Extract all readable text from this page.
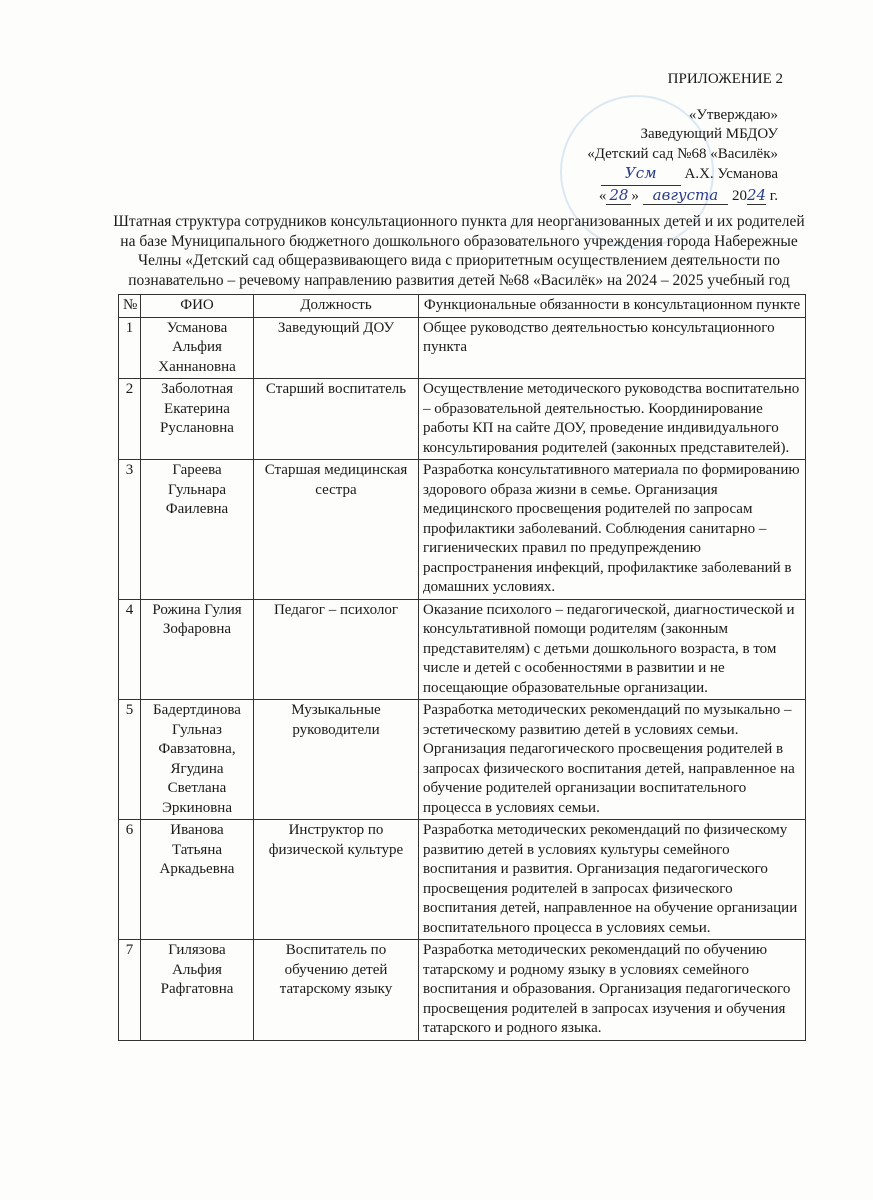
ПРИЛОЖЕНИЕ 2
«Утверждаю»
Заведующий МБДОУ
«Детский сад №68 «Василёк»
Усм А.Х. Усманова
« 28 » августа 2024 г.
Штатная структура сотрудников консультационного пункта для неорганизованных детей и их родителей на базе Муниципального бюджетного дошкольного образовательного учреждения города Набережные Челны «Детский сад общеразвивающего вида с приоритетным осуществлением деятельности по познавательно – речевому направлению развития детей №68 «Василёк» на 2024 – 2025 учебный год
№	ФИО	Должность	Функциональные обязанности в консультационном пункте
1	Усманова Альфия Ханнановна	Заведующий ДОУ	Общее руководство деятельностью консультационного пункта
2	Заболотная Екатерина Руслановна	Старший воспитатель	Осуществление методического руководства воспитательно – образовательной деятельностью. Координирование работы КП на сайте ДОУ, проведение индивидуального консультирования родителей (законных представителей).
3	Гареева Гульнара Фаилевна	Старшая медицинская сестра	Разработка консультативного материала по формированию здорового образа жизни в семье. Организация медицинского просвещения родителей по запросам профилактики заболеваний. Соблюдения санитарно – гигиенических правил по предупреждению распространения инфекций, профилактике заболеваний в домашних условиях.
4	Рожина Гулия Зофаровна	Педагог – психолог	Оказание психолого – педагогической, диагностической и консультативной помощи родителям (законным представителям) с детьми дошкольного возраста, в том числе и детей с особенностями в развитии и не посещающие образовательные организации.
5	Бадертдинова Гульназ Фавзатовна, Ягудина Светлана Эркиновна	Музыкальные руководители	Разработка методических рекомендаций по музыкально – эстетическому развитию детей в условиях семьи. Организация педагогического просвещения родителей в запросах физического воспитания детей, направленное на обучение родителей организации воспитательного процесса в условиях семьи.
6	Иванова Татьяна Аркадьевна	Инструктор по физической культуре	Разработка методических рекомендаций по физическому развитию детей в условиях культуры семейного воспитания и развития. Организация педагогического просвещения родителей в запросах физического воспитания детей, направленное на обучение организации воспитательного процесса в условиях семьи.
7	Гилязова Альфия Рафгатовна	Воспитатель по обучению детей татарскому языку	Разработка методических рекомендаций по обучению татарскому и родному языку в условиях семейного воспитания и образования. Организация педагогического просвещения родителей в запросах изучения и обучения татарского и родного языка.
